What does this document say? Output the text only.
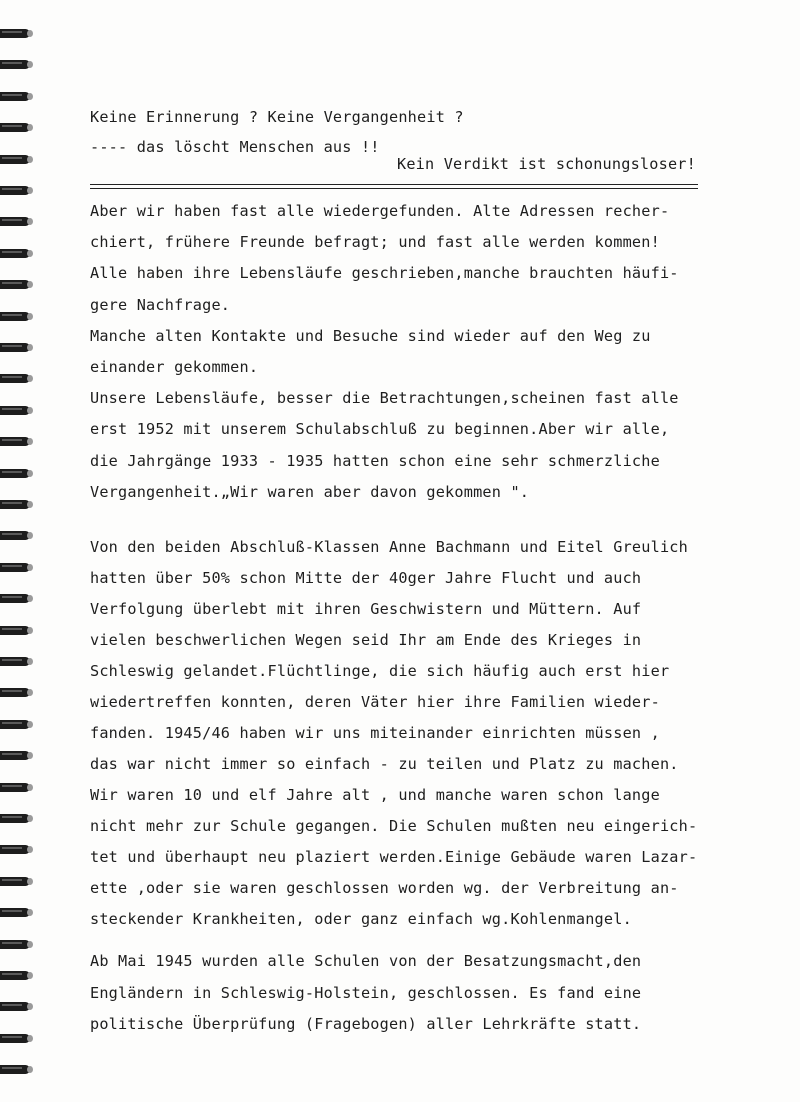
Keine Erinnerung ? Keine Vergangenheit ?
---- das löscht Menschen aus !!
Kein Verdikt ist schonungsloser!
Aber wir haben fast alle wiedergefunden. Alte Adressen recher-
chiert, frühere Freunde befragt; und fast alle werden kommen!
Alle haben ihre Lebensläufe geschrieben,manche brauchten häufi-
gere Nachfrage.
Manche alten Kontakte und Besuche sind wieder auf den Weg zu
einander gekommen.
Unsere Lebensläufe, besser die Betrachtungen,scheinen fast alle
erst 1952 mit unserem Schulabschluß zu beginnen.Aber wir alle,
die Jahrgänge 1933 - 1935 hatten schon eine sehr schmerzliche
Vergangenheit.„Wir waren aber davon gekommen ".
Von den beiden Abschluß-Klassen Anne Bachmann und Eitel Greulich
hatten über 50% schon Mitte der 40ger Jahre Flucht und auch
Verfolgung überlebt mit ihren Geschwistern und Müttern. Auf
vielen beschwerlichen Wegen seid Ihr am Ende des Krieges in
Schleswig gelandet.Flüchtlinge, die sich häufig auch erst hier
wiedertreffen konnten, deren Väter hier ihre Familien wieder-
fanden. 1945/46 haben wir uns miteinander einrichten müssen ,
das war nicht immer so einfach - zu teilen und Platz zu machen.
Wir waren 10 und elf Jahre alt , und manche waren schon lange
nicht mehr zur Schule gegangen. Die Schulen mußten neu eingerich-
tet und überhaupt neu plaziert werden.Einige Gebäude waren Lazar-
ette ,oder sie waren geschlossen worden wg. der Verbreitung an-
steckender Krankheiten, oder ganz einfach wg.Kohlenmangel.
Ab Mai 1945 wurden alle Schulen von der Besatzungsmacht,den
Engländern in Schleswig-Holstein, geschlossen. Es fand eine
politische Überprüfung (Fragebogen) aller Lehrkräfte statt.
